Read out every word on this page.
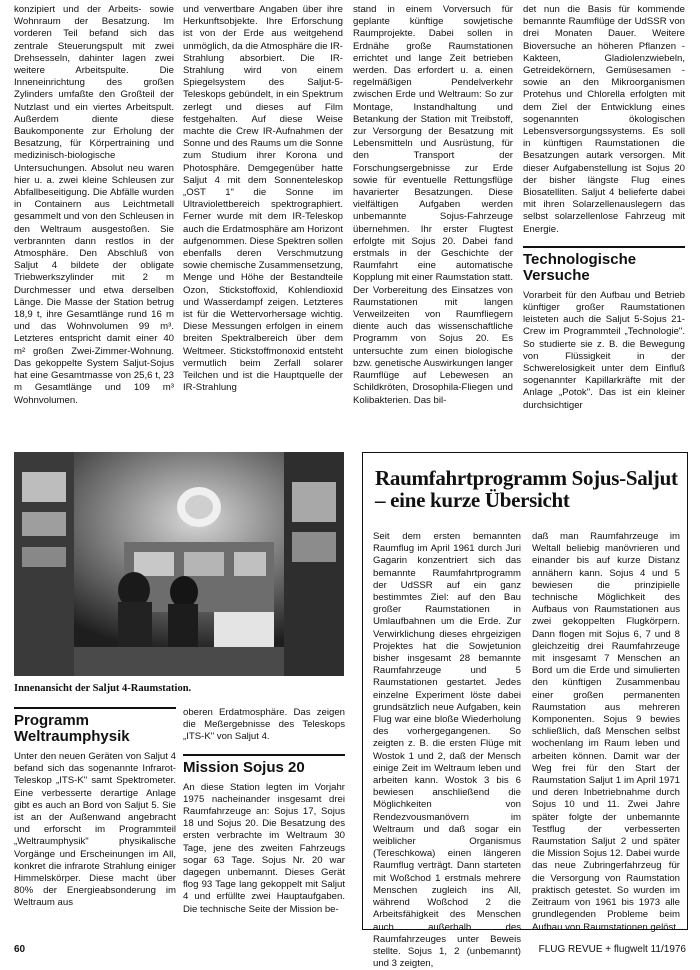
konzipiert und der Arbeits- sowie Wohnraum der Besatzung. Im vorderen Teil befand sich das zentrale Steuerungspult mit zwei Drehsesseln, dahinter lagen zwei weitere Arbeitspulte. Die Inneneinrichtung des großen Zylinders umfaßte den Großteil der Nutzlast und ein viertes Arbeitspult. Außerdem diente diese Baukomponente zur Erholung der Besatzung, für Körpertraining und medizinisch-biologische Untersuchungen. Absolut neu waren hier u. a. zwei kleine Schleusen zur Abfallbeseitigung. Die Abfälle wurden in Containern aus Leichtmetall gesammelt und von den Schleusen in den Weltraum ausgestoßen. Sie verbrannten dann restlos in der Atmosphäre. Den Abschluß von Saljut 4 bildete der obligate Triebwerkszylinder mit 2 m Durchmesser und etwa derselben Länge. Die Masse der Station betrug 18,9 t, ihre Gesamtlänge rund 16 m und das Wohnvolumen 99 m³. Letzteres entspricht damit einer 40 m² großen Zwei-Zimmer-Wohnung. Das gekoppelte System Saljut-Sojus hat eine Gesamtmasse von 25,6 t, 23 m Gesamtlänge und 109 m³ Wohnvolumen.

und verwertbare Angaben über ihre Herkunftsobjekte. Ihre Erforschung ist von der Erde aus weitgehend unmöglich, da die Atmosphäre die IR-Strahlung absorbiert. Die IR-Strahlung wird von einem Spiegelsystem des Saljut-5-Teleskops gebündelt, in ein Spektrum zerlegt und dieses auf Film festgehalten. Auf diese Weise machte die Crew IR-Aufnahmen der Sonne und des Raums um die Sonne zum Studium ihrer Korona und Photosphäre. Demgegenüber hatte Saljut 4 mit dem Sonnenteleskop „OST 1" die Sonne im Ultraviolettbereich spektrographiert. Ferner wurde mit dem IR-Teleskop auch die Erdatmosphäre am Horizont aufgenommen. Diese Spektren sollen ebenfalls deren Verschmutzung sowie chemische Zusammensetzung, Menge und Höhe der Bestandteile Ozon, Stickstoffoxid, Kohlendioxid und Wasserdampf zeigen. Letzteres ist für die Wettervorhersage wichtig. Diese Messungen erfolgen in einem breiten Spektralbereich über dem Weltmeer. Stickstoffmonoxid entsteht vermutlich beim Zerfall solarer Teilchen und ist die Hauptquelle der IR-Strahlung

stand in einem Vorversuch für geplante künftige sowjetische Raumprojekte. Dabei sollen in Erdnähe große Raumstationen errichtet und lange Zeit betrieben werden. Das erfordert u. a. einen regelmäßigen Pendelverkehr zwischen Erde und Weltraum: So zur Montage, Instandhaltung und Betankung der Station mit Treibstoff, zur Versorgung der Besatzung mit Lebensmitteln und Ausrüstung, für den Transport der Forschungsergebnisse zur Erde sowie für eventuelle Rettungsflüge havarierter Besatzungen. Diese vielfältigen Aufgaben werden unbemannte Sojus-Fahrzeuge übernehmen. Ihr erster Flugtest erfolgte mit Sojus 20. Dabei fand erstmals in der Geschichte der Raumfahrt eine automatische Kopplung mit einer Raumstation statt. Der Vorbereitung des Einsatzes von Raumstationen mit langen Verweilzeiten von Raumfliegern diente auch das wissenschaftliche Programm von Sojus 20. Es untersuchte zum einen biologische bzw. genetische Auswirkungen langer Raumflüge auf Lebewesen an Schildkröten, Drosophila-Fliegen und Kolibakterien. Das bil-

det nun die Basis für kommende bemannte Raumflüge der UdSSR von drei Monaten Dauer. Weitere Bioversuche an höheren Pflanzen - Kakteen, Gladiolenzwiebeln, Getreidekörnern, Gemüsesamen - sowie an den Mikroorganismen Protehus und Chlorella erfolgten mit dem Ziel der Entwicklung eines sogenannten ökologischen Lebensversorgungssystems. Es soll in künftigen Raumstationen die Besatzungen autark versorgen. Mit dieser Aufgabenstellung ist Sojus 20 der bisher längste Flug eines Biosatelliten. Saljut 4 belieferte dabei mit ihren Solarzellenauslegern das selbst solarzellenlose Fahrzeug mit Energie.

Technologische Versuche

Vorarbeit für den Aufbau und Betrieb künftiger großer Raumstationen leisteten auch die Saljut 5-Sojus 21-Crew im Programmteil „Technologie". So studierte sie z. B. die Bewegung von Flüssigkeit in der Schwerelosigkeit unter dem Einfluß sogenannter Kapillarkräfte mit der Anlage „Potok". Das ist ein kleiner durchsichtiger

Innenansicht der Saljut 4-Raumstation.
Programm Weltraumphysik

Unter den neuen Geräten von Saljut 4 befand sich das sogenannte Infrarot-Teleskop „ITS-K" samt Spektrometer. Eine verbesserte derartige Anlage gibt es auch an Bord von Saljut 5. Sie ist an der Außenwand angebracht und erforscht im Programmteil „Weltraumphysik" physikalische Vorgänge und Erscheinungen im All, konkret die infrarote Strahlung einiger Himmelskörper. Diese macht über 80% der Energieabsonderung im Weltraum aus

oberen Erdatmosphäre. Das zeigen die Meßergebnisse des Teleskops „ITS-K" von Saljut 4.

Mission Sojus 20

An diese Station legten im Vorjahr 1975 nacheinander insgesamt drei Raumfahrzeuge an: Sojus 17, Sojus 18 und Sojus 20. Die Besatzung des ersten verbrachte im Weltraum 30 Tage, jene des zweiten Fahrzeugs sogar 63 Tage. Sojus Nr. 20 war dagegen unbemannt. Dieses Gerät flog 93 Tage lang gekoppelt mit Saljut 4 und erfüllte zwei Hauptaufgaben. Die technische Seite der Mission be-

Raumfahrtprogramm Sojus-Saljut – eine kurze Übersicht
Seit dem ersten bemannten Raumflug im April 1961 durch Juri Gagarin konzentriert sich das bemannte Raumfahrtprogramm der UdSSR auf ein ganz bestimmtes Ziel: auf den Bau großer Raumstationen in Umlaufbahnen um die Erde. Zur Verwirklichung dieses ehrgeizigen Projektes hat die Sowjetunion bisher insgesamt 28 bemannte Raumfahrzeuge und 5 Raumstationen gestartet. Jedes einzelne Experiment löste dabei grundsätzlich neue Aufgaben, kein Flug war eine bloße Wiederholung des vorhergegangenen. So zeigten z. B. die ersten Flüge mit Wostok 1 und 2, daß der Mensch einige Zeit im Weltraum leben und arbeiten kann. Wostok 3 bis 6 bewiesen anschließend die Möglichkeiten von Rendezvousmanövern im Weltraum und daß sogar ein weiblicher Organismus (Tereschkowa) einen längeren Raumflug verträgt. Dann starteten mit Woßchod 1 erstmals mehrere Menschen zugleich ins All, während Woßchod 2 die Arbeitsfähigkeit des Menschen auch außerhalb des Raumfahrzeuges unter Beweis stellte. Sojus 1, 2 (unbemannt) und 3 zeigten,
daß man Raumfahrzeuge im Weltall beliebig manövrieren und einander bis auf kurze Distanz annähern kann. Sojus 4 und 5 bewiesen die prinzipielle technische Möglichkeit des Aufbaus von Raumstationen aus zwei gekoppelten Flugkörpern. Dann flogen mit Sojus 6, 7 und 8 gleichzeitig drei Raumfahrzeuge mit insgesamt 7 Menschen an Bord um die Erde und simulierten den künftigen Zusammenbau einer großen permanenten Raumstation aus mehreren Komponenten. Sojus 9 bewies schließlich, daß Menschen selbst wochenlang im Raum leben und arbeiten können. Damit war der Weg frei für den Start der Raumstation Saljut 1 im April 1971 und deren Inbetriebnahme durch Sojus 10 und 11. Zwei Jahre später folgte der unbemannte Testflug der verbesserten Raumstation Saljut 2 und später die Mission Sojus 12. Dabei wurde das neue Zubringerfahrzeug für die Versorgung von Raumstation praktisch getestet. So wurden im Zeitraum von 1961 bis 1973 alle grundlegenden Probleme beim Aufbau von Raumstationen gelöst.
60	FLUG REVUE + flugwelt 11/1976
